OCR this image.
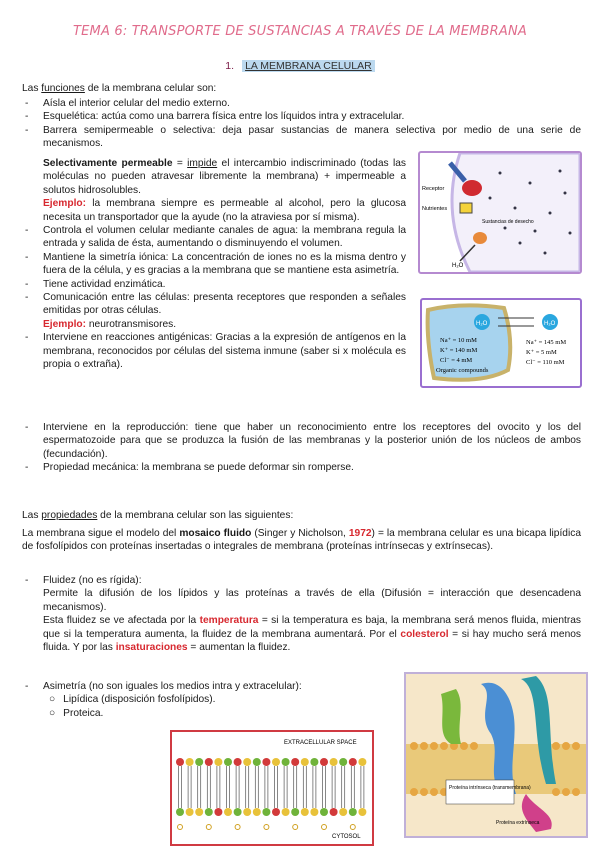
TEMA 6: TRANSPORTE DE SUSTANCIAS A TRAVÉS DE LA MEMBRANA
1. LA MEMBRANA CELULAR
Las funciones de la membrana celular son:
- Aísla el interior celular del medio externo.
- Esquelética: actúa como una barrera física entre los líquidos intra y extracelular.
- Barrera semipermeable o selectiva: deja pasar sustancias de manera selectiva por medio de una serie de mecanismos.
Selectivamente permeable = impide el intercambio indiscriminado (todas las moléculas no pueden atravesar libremente la membrana) + impermeable a solutos hidrosolubles.
Ejemplo: la membrana siempre es permeable al alcohol, pero la glucosa necesita un transportador que la ayude (no la atraviesa por sí misma).
- Controla el volumen celular mediante canales de agua: la membrana regula la entrada y salida de ésta, aumentando o disminuyendo el volumen.
- Mantiene la simetría iónica: La concentración de iones no es la misma dentro y fuera de la célula, y es gracias a la membrana que se mantiene esta asimetría.
- Tiene actividad enzimática.
- Comunicación entre las células: presenta receptores que responden a señales emitidas por otras células.
Ejemplo: neurotransmisores.
- Interviene en reacciones antigénicas: Gracias a la expresión de antígenos en la membrana, reconocidos por células del sistema inmune (saber si x molécula es propia o extraña).
- Interviene en la reproducción: tiene que haber un reconocimiento entre los receptores del ovocito y los del espermatozoide para que se produzca la fusión de las membranas y la posterior unión de los núcleos de ambos (fecundación).
- Propiedad mecánica: la membrana se puede deformar sin romperse.
Las propiedades de la membrana celular son las siguientes:
La membrana sigue el modelo del mosaico fluido (Singer y Nicholson, 1972) = la membrana celular es una bicapa lipídica de fosfolípidos con proteínas insertadas o integrales de membrana (proteínas intrínsecas y extrínsecas).
- Fluidez (no es rígida):
Permite la difusión de los lípidos y las proteínas a través de ella (Difusión = interacción que desencadena mecanismos).
Esta fluidez se ve afectada por la temperatura = si la temperatura es baja, la membrana será menos fluida, mientras que si la temperatura aumenta, la fluidez de la membrana aumentará. Por el colesterol = si hay mucho será menos fluida. Y por las insaturaciones = aumentan la fluidez.
- Asimetría (no son iguales los medios intra y extracelular):
○ Lipídica (disposición fosfolípidos).
○ Proteica.
Receptor
Nutrientes
Sustancias de desecho
H₂O
H₂O	H₂O
Na⁺ = 10 mM
K⁺ = 140 mM
Cl⁻ = 4 mM
Organic compounds
Na⁺ = 145 mM
K⁺ = 5 mM
Cl⁻ = 110 mM
Proteína intrínseca (transmembrana)
Proteína extrínseca
EXTRACELLULAR SPACE
CYTOSOL
